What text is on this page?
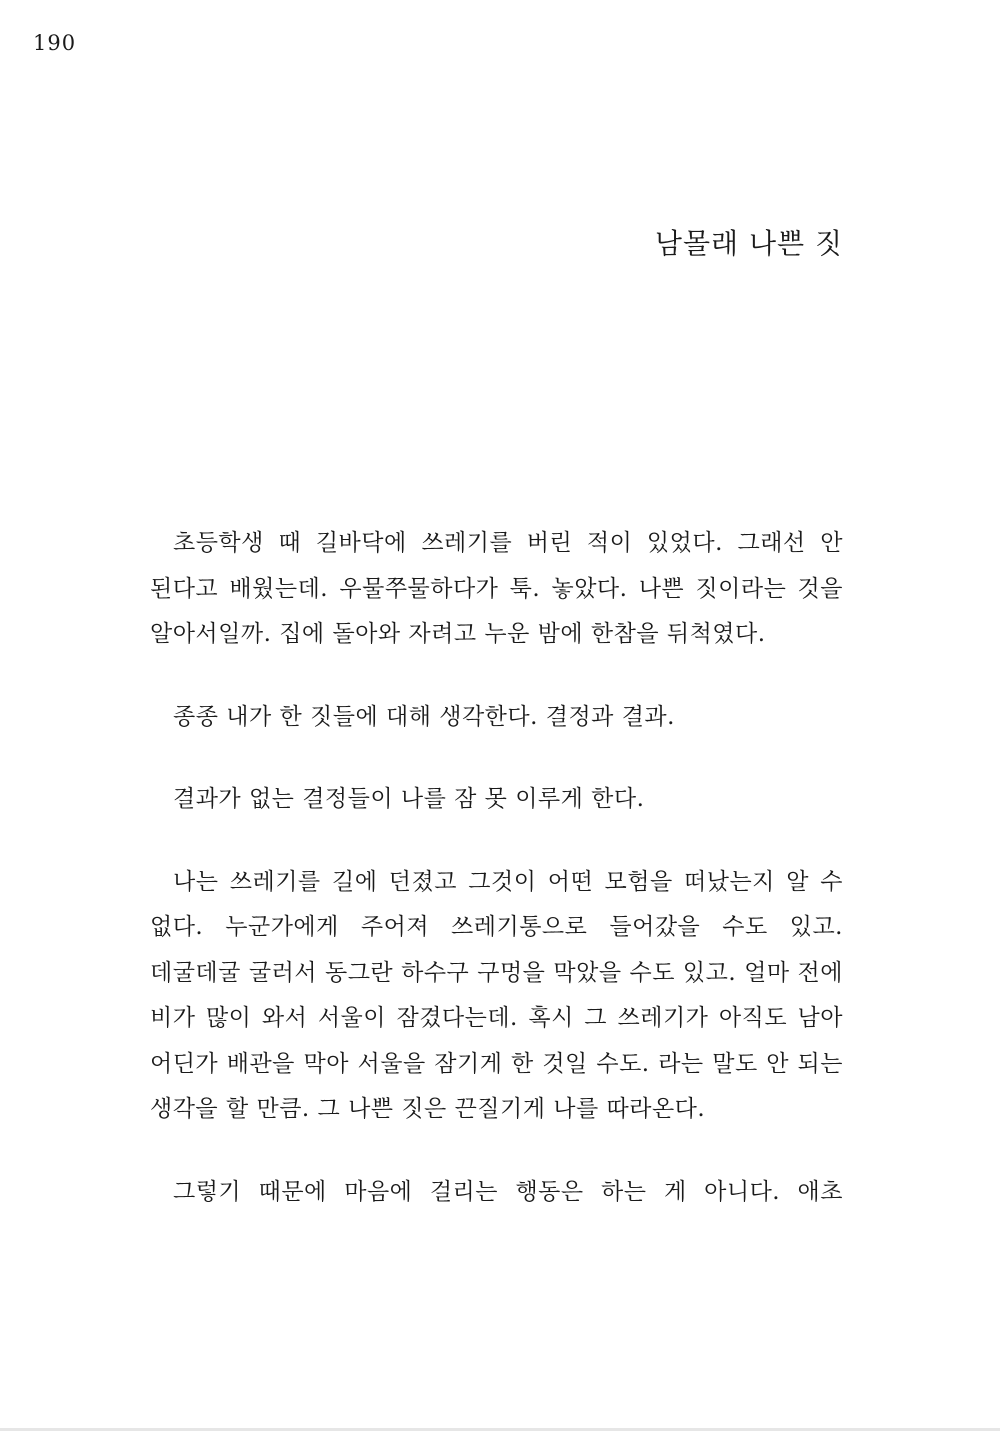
190
남몰래 나쁜 짓

초등학생 때 길바닥에 쓰레기를 버린 적이 있었다. 그래선 안 된다고 배웠는데. 우물쭈물하다가 툭. 놓았다. 나쁜 짓이라는 것을 알아서일까. 집에 돌아와 자려고 누운 밤에 한참을 뒤척였다.

종종 내가 한 짓들에 대해 생각한다. 결정과 결과.

결과가 없는 결정들이 나를 잠 못 이루게 한다.

나는 쓰레기를 길에 던졌고 그것이 어떤 모험을 떠났는지 알 수 없다. 누군가에게 주어져 쓰레기통으로 들어갔을 수도 있고. 데굴데굴 굴러서 동그란 하수구 구멍을 막았을 수도 있고. 얼마 전에 비가 많이 와서 서울이 잠겼다는데. 혹시 그 쓰레기가 아직도 남아 어딘가 배관을 막아 서울을 잠기게 한 것일 수도. 라는 말도 안 되는 생각을 할 만큼. 그 나쁜 짓은 끈질기게 나를 따라온다.

그렇기 때문에 마음에 걸리는 행동은 하는 게 아니다. 애초
